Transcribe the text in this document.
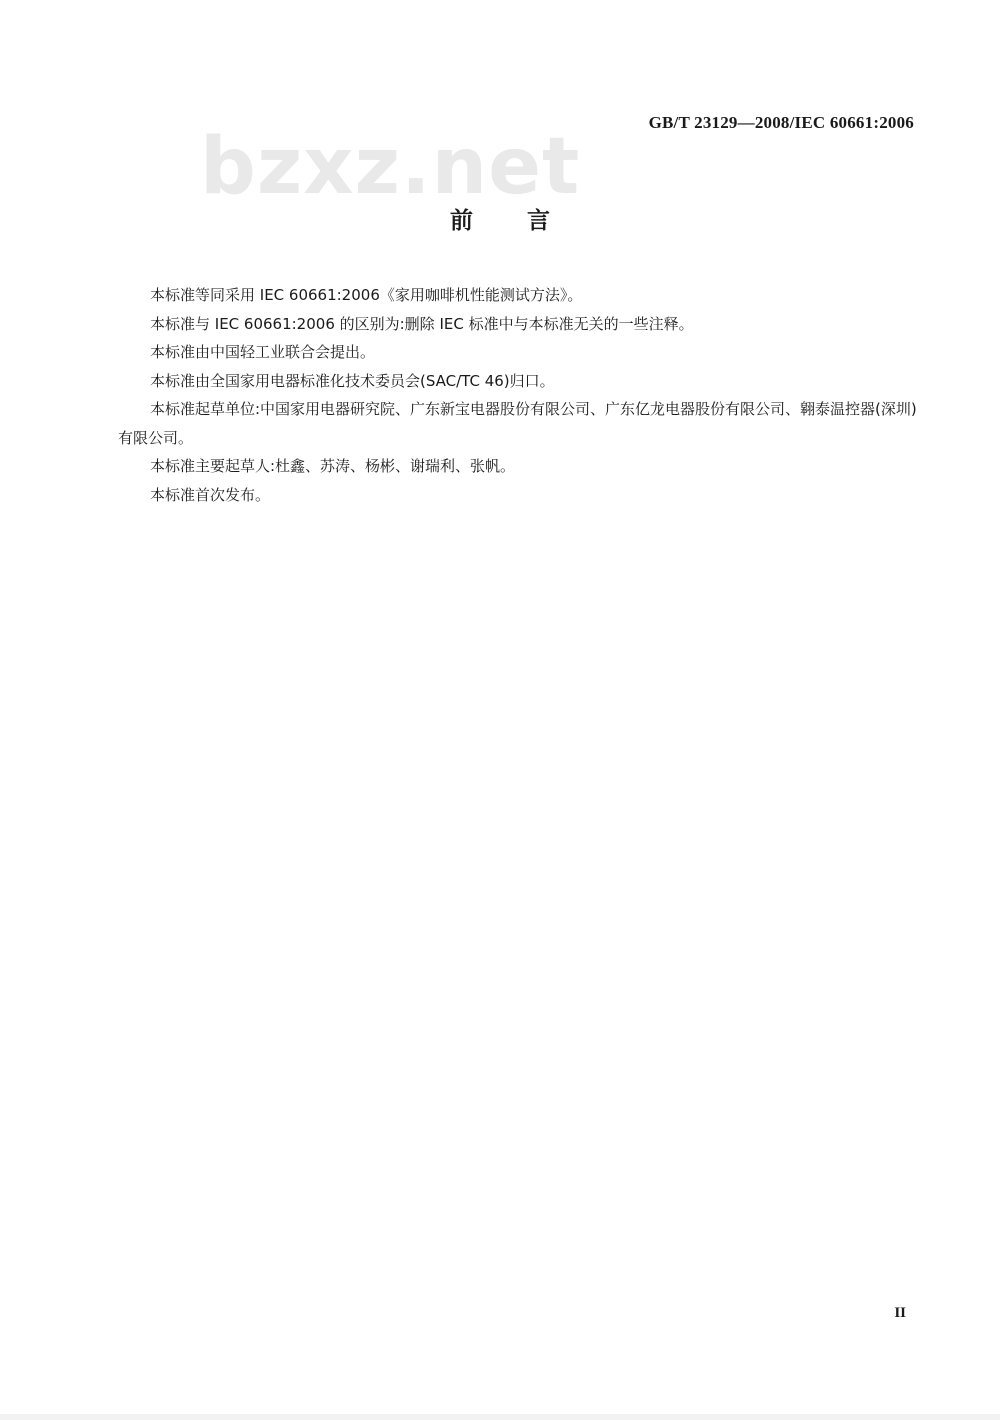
GB/T 23129—2008/IEC 60661:2006
bzxz.net
前言

本标准等同采用 IEC 60661:2006《家用咖啡机性能测试方法》。

本标准与 IEC 60661:2006 的区别为:删除 IEC 标准中与本标准无关的一些注释。

本标准由中国轻工业联合会提出。

本标准由全国家用电器标准化技术委员会(SAC/TC 46)归口。

本标准起草单位:中国家用电器研究院、广东新宝电器股份有限公司、广东亿龙电器股份有限公司、翱泰温控器(深圳)有限公司。

本标准主要起草人:杜鑫、苏涛、杨彬、谢瑞利、张帆。

本标准首次发布。

II
